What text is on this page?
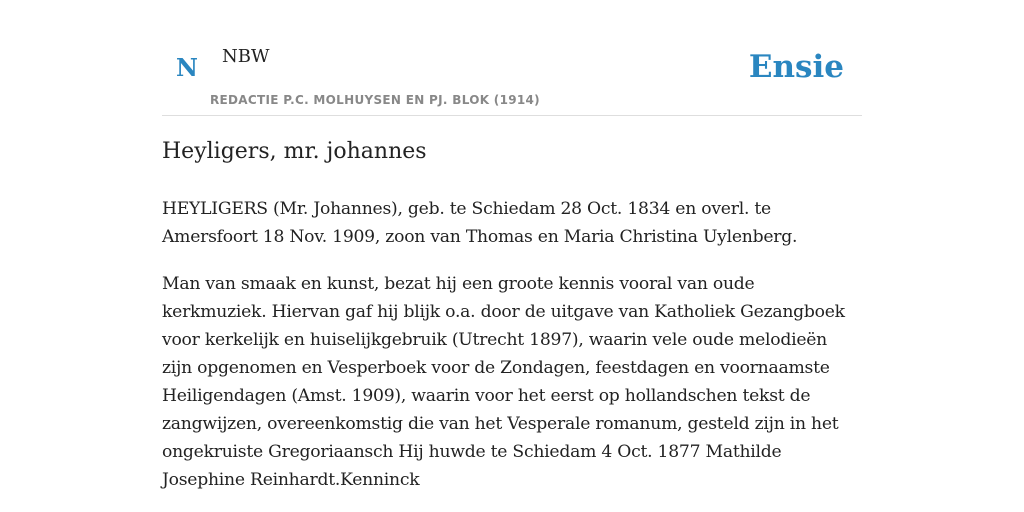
N NBW
REDACTIE P.C. MOLHUYSEN EN PJ. BLOK (1914)
Ensie
Heyligers, mr. johannes

HEYLIGERS (Mr. Johannes), geb. te Schiedam 28 Oct. 1834 en overl. te Amersfoort 18 Nov. 1909, zoon van Thomas en Maria Christina Uylenberg.

Man van smaak en kunst, bezat hij een groote kennis vooral van oude kerkmuziek. Hiervan gaf hij blijk o.a. door de uitgave van Katholiek Gezangboek voor kerkelijk en huiselijkgebruik (Utrecht 1897), waarin vele oude melodieën zijn opgenomen en Vesperboek voor de Zondagen, feestdagen en voornaamste Heiligendagen (Amst. 1909), waarin voor het eerst op hollandschen tekst de zangwijzen, overeenkomstig die van het Vesperale romanum, gesteld zijn in het ongekruiste Gregoriaansch Hij huwde te Schiedam 4 Oct. 1877 Mathilde Josephine Reinhardt.Kenninck
